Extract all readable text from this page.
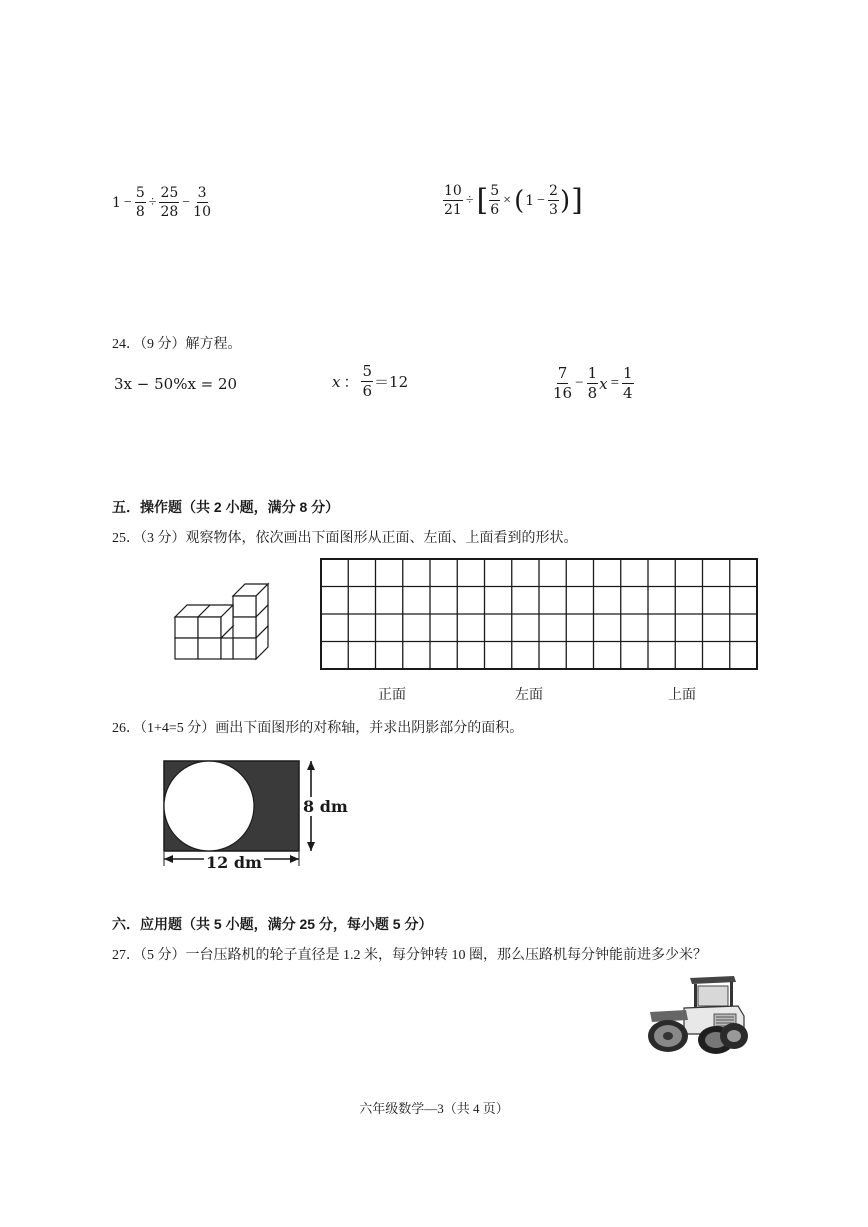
$1 - \frac{5}{8} \div \frac{25}{28} - \frac{3}{10}$	$\frac{10}{21}$ ÷ [ $\frac{5}{6}$ × ( $1 - \frac{2}{3}$ ) ]
24．（9 分）解方程。
3x − 50%x = 20	x ： $\frac{5}{6} =12$	$\frac{7}{16} - \frac{1}{8}$ $x = \frac{1}{4}$
五．操作题（共 2 小题，满分 8 分）
25．（3 分）观察物体，依次画出下面图形从正面、左面、上面看到的形状。
正面	左面	上面
26．（1+4=5 分）画出下面图形的对称轴，并求出阴影部分的面积。
8 dm
12 dm
六．应用题（共 5 小题，满分 25 分，每小题 5 分）
27．（5 分）一台压路机的轮子直径是 1.2 米，每分钟转 10 圈，那么压路机每分钟能前进多少米？
六年级数学—3（共 4 页）
